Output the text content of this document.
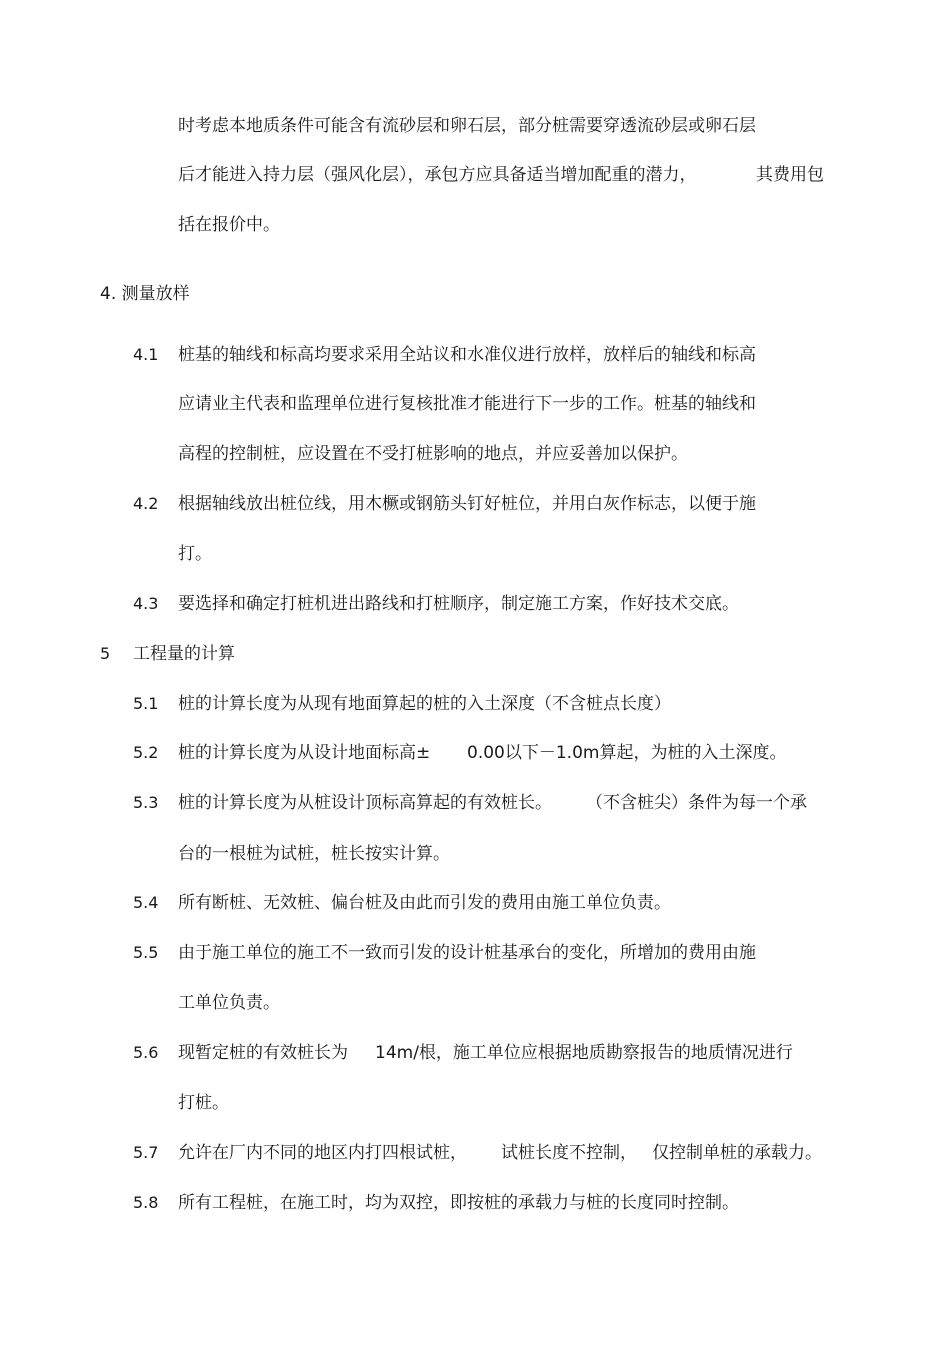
时考虑本地质条件可能含有流砂层和卵石层，部分桩需要穿透流砂层或卵石层
后才能进入持力层（强风化层），承包方应具备适当增加配重的潜力，	其费用包
括在报价中。
4. 测量放样
4.1 桩基的轴线和标高均要求采用全站议和水准仪进行放样，放样后的轴线和标高
应请业主代表和监理单位进行复核批准才能进行下一步的工作。桩基的轴线和
高程的控制桩，应设置在不受打桩影响的地点，并应妥善加以保护。
4.2 根据轴线放出桩位线，用木橛或钢筋头钉好桩位，并用白灰作标志，以便于施
打。
4.3 要选择和确定打桩机进出路线和打桩顺序，制定施工方案，作好技术交底。
5 工程量的计算
5.1 桩的计算长度为从现有地面算起的桩的入土深度（不含桩点长度）
5.2 桩的计算长度为从设计地面标高± 0.00以下－1.0m算起，为桩的入土深度。
5.3 桩的计算长度为从桩设计顶标高算起的有效桩长。 （不含桩尖）条件为每一个承
台的一根桩为试桩，桩长按实计算。
5.4 所有断桩、无效桩、偏台桩及由此而引发的费用由施工单位负责。
5.5 由于施工单位的施工不一致而引发的设计桩基承台的变化，所增加的费用由施
工单位负责。
5.6 现暂定桩的有效桩长为 14m/根，施工单位应根据地质勘察报告的地质情况进行
打桩。
5.7 允许在厂内不同的地区内打四根试桩， 试桩长度不控制， 仅控制单桩的承载力。
5.8 所有工程桩，在施工时，均为双控，即按桩的承载力与桩的长度同时控制。
